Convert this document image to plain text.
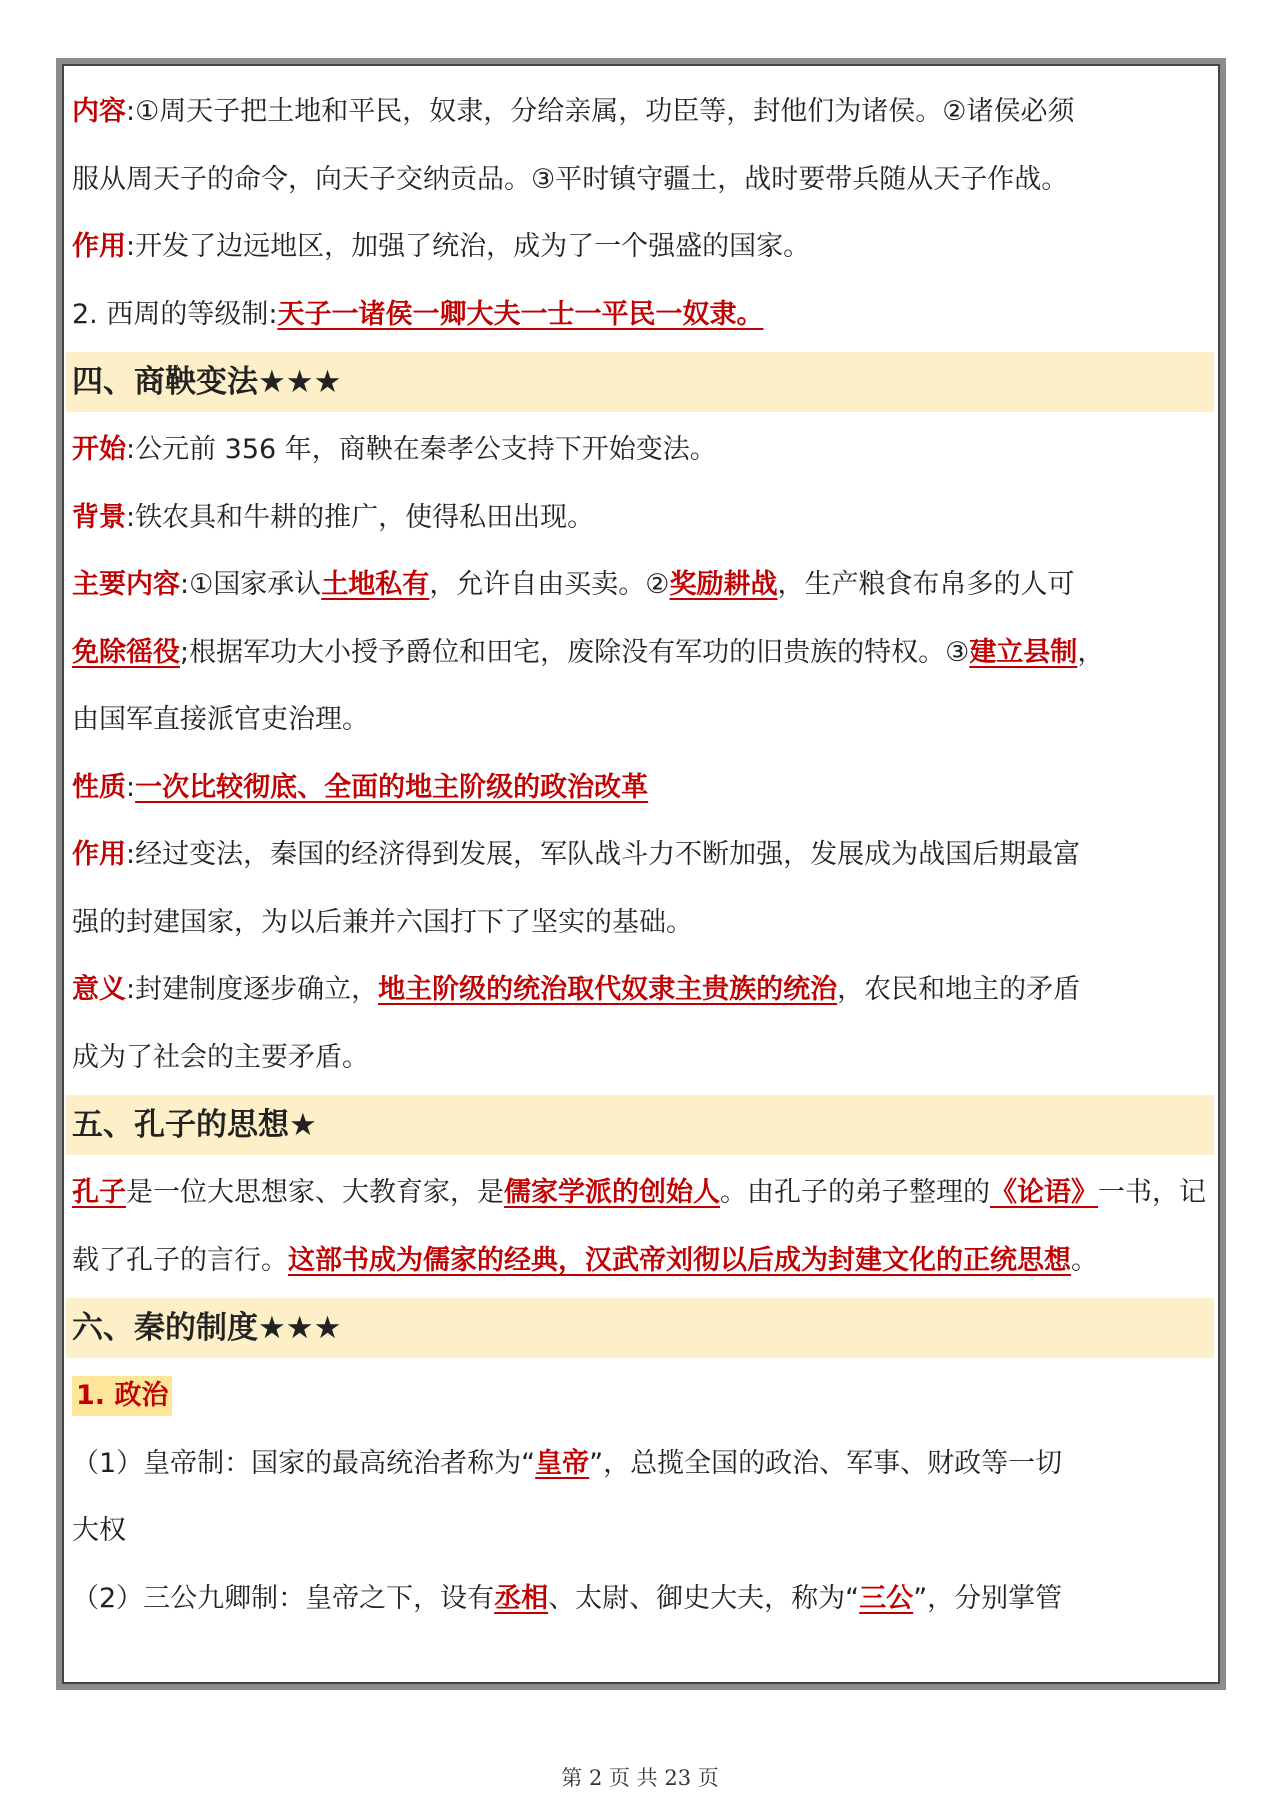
内容:①周天子把土地和平民，奴隶，分给亲属，功臣等，封他们为诸侯。②诸侯必须

服从周天子的命令，向天子交纳贡品。③平时镇守疆土，战时要带兵随从天子作战。

作用:开发了边远地区，加强了统治，成为了一个强盛的国家。

2. 西周的等级制:天子一诸侯一卿大夫一士一平民一奴隶。

四、商鞅变法★★★

开始:公元前 356 年，商鞅在秦孝公支持下开始变法。

背景:铁农具和牛耕的推广，使得私田出现。

主要内容:①国家承认土地私有，允许自由买卖。②奖励耕战，生产粮食布帛多的人可

免除徭役;根据军功大小授予爵位和田宅，废除没有军功的旧贵族的特权。③建立县制，

由国军直接派官吏治理。

性质:一次比较彻底、全面的地主阶级的政治改革

作用:经过变法，秦国的经济得到发展，军队战斗力不断加强，发展成为战国后期最富

强的封建国家，为以后兼并六国打下了坚实的基础。

意义:封建制度逐步确立，地主阶级的统治取代奴隶主贵族的统治，农民和地主的矛盾

成为了社会的主要矛盾。

五、孔子的思想★

孔子是一位大思想家、大教育家，是儒家学派的创始人。由孔子的弟子整理的《论语》一书，记载了孔子的言行。这部书成为儒家的经典，汉武帝刘彻以后成为封建文化的正统思想。

六、秦的制度★★★

1. 政治

（1）皇帝制：国家的最高统治者称为“皇帝”，总揽全国的政治、军事、财政等一切

大权

（2）三公九卿制：皇帝之下，设有丞相、太尉、御史大夫，称为“三公”，分别掌管

第 2 页 共 23 页
